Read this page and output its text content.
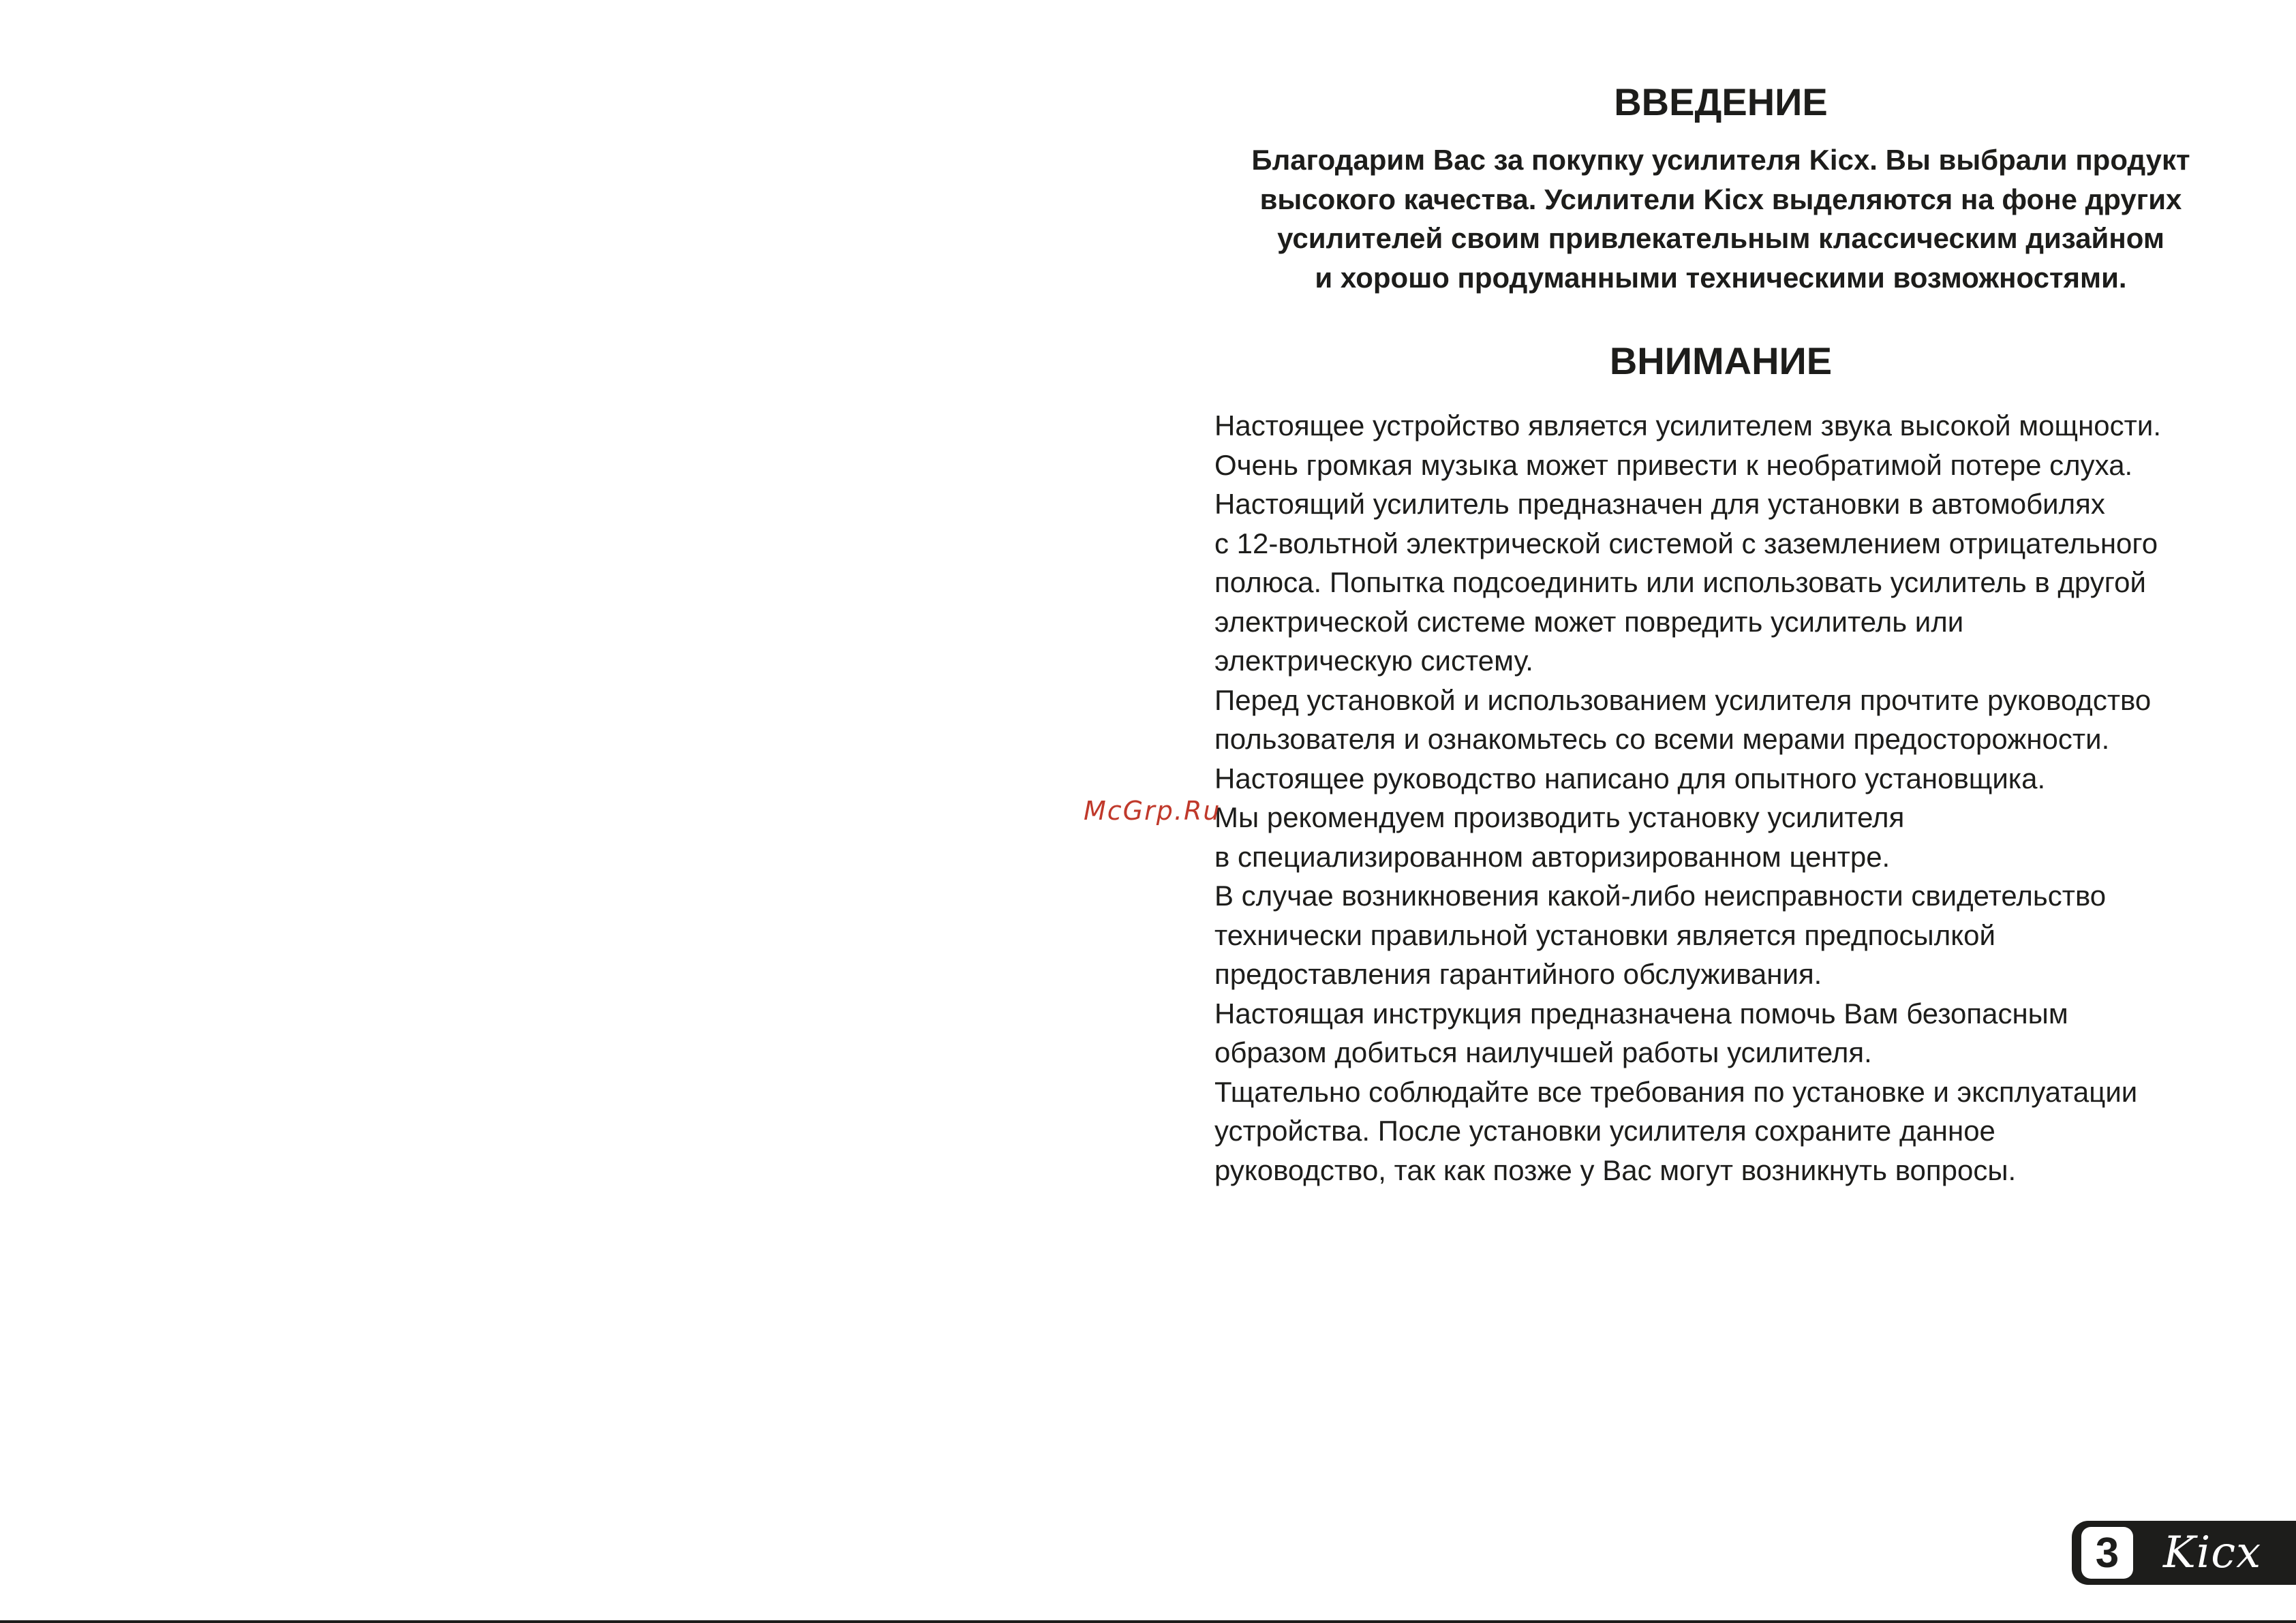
ВВЕДЕНИЕ

Благодарим Вас за покупку усилителя Kicx. Вы выбрали продукт
высокого качества. Усилители Kicx выделяются на фоне других
усилителей своим привлекательным классическим дизайном
и хорошо продуманными техническими возможностями.

ВНИМАНИЕ
Настоящее устройство является усилителем звука высокой мощности.
Очень громкая музыка может привести к необратимой потере слуха.
Настоящий усилитель предназначен для установки в автомобилях
с 12-вольтной электрической системой с заземлением отрицательного
полюса. Попытка подсоединить или использовать усилитель в другой
электрической системе может повредить усилитель или
электрическую систему.
Перед установкой и использованием усилителя прочтите руководство
пользователя и ознакомьтесь со всеми мерами предосторожности.
Настоящее руководство написано для опытного установщика.
Мы рекомендуем производить установку усилителя
в специализированном авторизированном центре.
В случае возникновения какой-либо неисправности свидетельство
технически правильной установки является предпосылкой
предоставления гарантийного обслуживания.
Настоящая инструкция предназначена помочь Вам безопасным
образом добиться наилучшей работы усилителя.
Тщательно соблюдайте все требования по установке и эксплуатации
устройства. После установки усилителя сохраните данное
руководство, так как позже у Вас могут возникнуть вопросы.
McGrp.Ru
3	Kicx
